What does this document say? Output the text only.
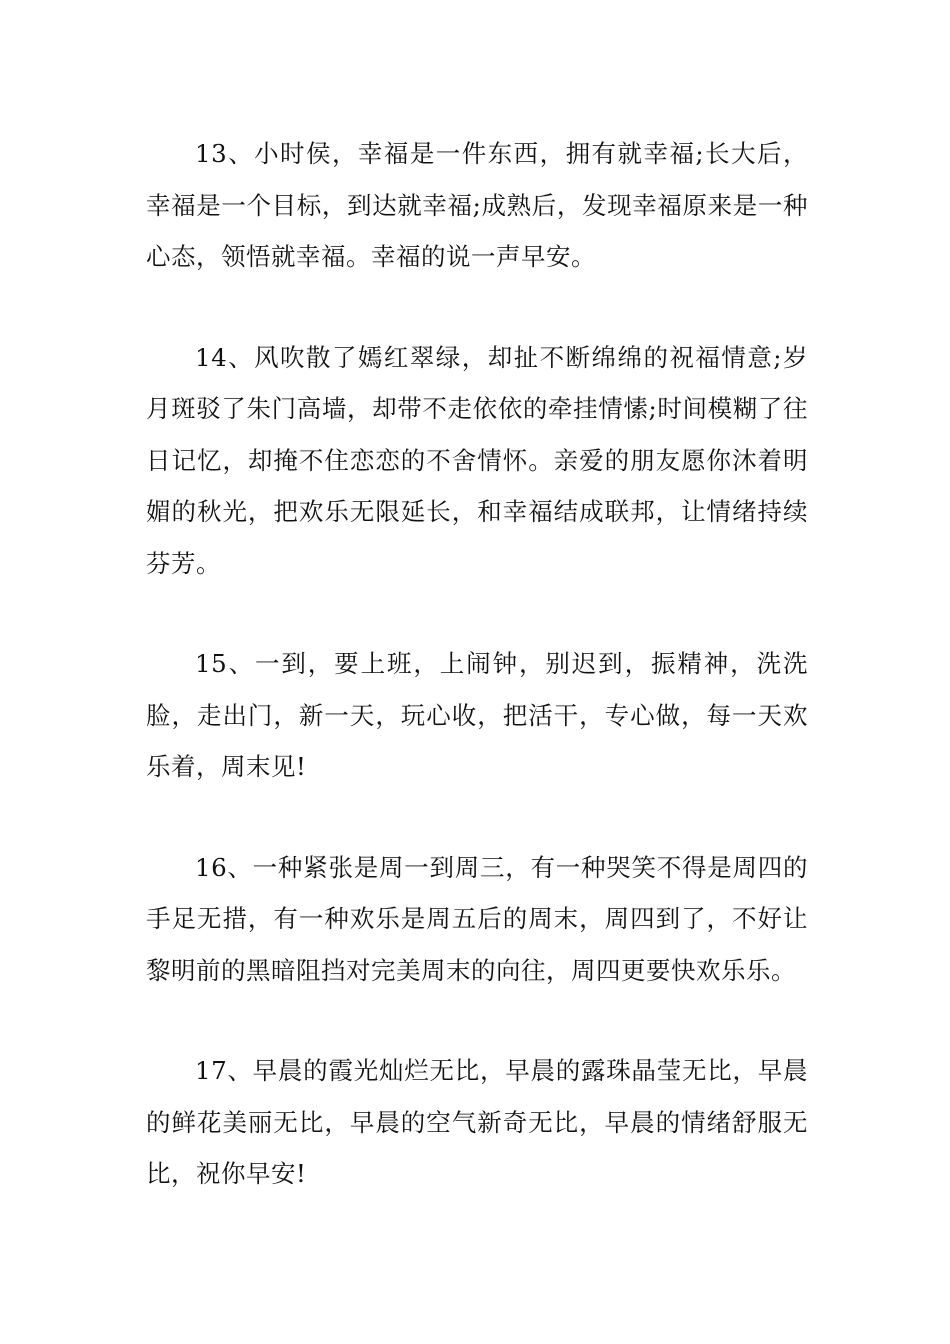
13、小时侯，幸福是一件东西，拥有就幸福;长大后，幸福是一个目标，到达就幸福;成熟后，发现幸福原来是一种心态，领悟就幸福。幸福的说一声早安。

14、风吹散了嫣红翠绿，却扯不断绵绵的祝福情意;岁月斑驳了朱门高墙，却带不走依依的牵挂情愫;时间模糊了往日记忆，却掩不住恋恋的不舍情怀。亲爱的朋友愿你沐着明媚的秋光，把欢乐无限延长，和幸福结成联邦，让情绪持续芬芳。

15、一到，要上班，上闹钟，别迟到，振精神，洗洗脸，走出门，新一天，玩心收，把活干，专心做，每一天欢乐着，周末见!

16、一种紧张是周一到周三，有一种哭笑不得是周四的手足无措，有一种欢乐是周五后的周末，周四到了，不好让黎明前的黑暗阻挡对完美周末的向往，周四更要快欢乐乐。

17、早晨的霞光灿烂无比，早晨的露珠晶莹无比，早晨的鲜花美丽无比，早晨的空气新奇无比，早晨的情绪舒服无比，祝你早安!
